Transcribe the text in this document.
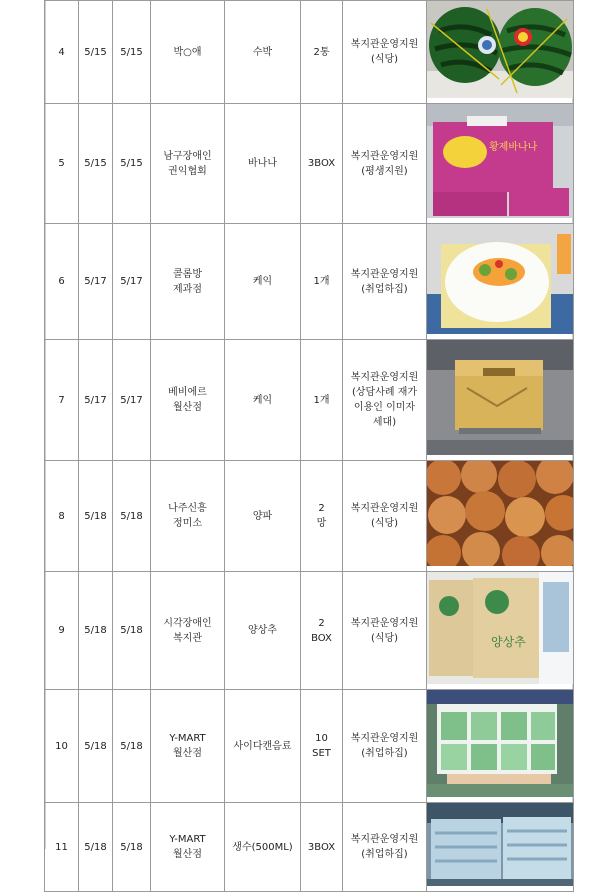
4	5/15	5/15	박○애	수박	2통	복지관운영지원
(식당)	

5	5/15	5/15	남구장애인
권익협회	바나나	3BOX	복지관운영지원
(평생지원)	황제바나나

6	5/17	5/17	콜롬방
제과점	케익	1개	복지관운영지원
(취업하집)	

7	5/17	5/17	베비에르
월산점	케익	1개	복지관운영지원
(상담사례 재가
이용인 이미자
세대)	

8	5/18	5/18	나주신흥
정미소	양파	2
망	복지관운영지원
(식당)	

9	5/18	5/18	시각장애인
복지관	양상추	2
BOX	복지관운영지원
(식당)	양상추

10	5/18	5/18	Y-MART
월산점	사이다캔음료	10
SET	복지관운영지원
(취업하집)	

11	5/18	5/18	Y-MART
월산점	생수(500ML)	3BOX	복지관운영지원
(취업하집)	
